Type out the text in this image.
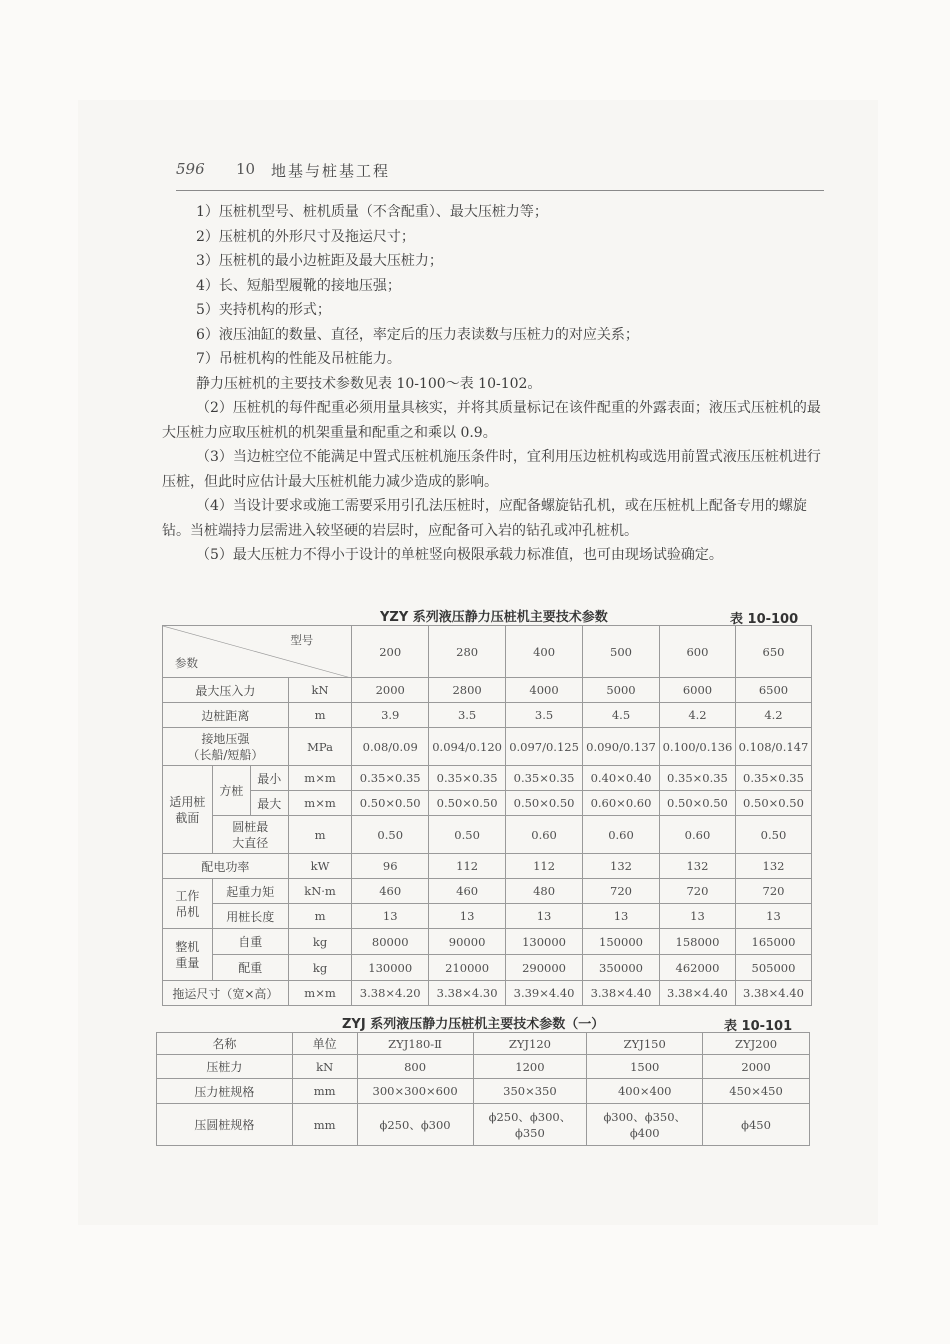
596 10 地基与桩基工程

1）压桩机型号、桩机质量（不含配重）、最大压桩力等；

2）压桩机的外形尺寸及拖运尺寸；

3）压桩机的最小边桩距及最大压桩力；

4）长、短船型履靴的接地压强；

5）夹持机构的形式；

6）液压油缸的数量、直径，率定后的压力表读数与压桩力的对应关系；

7）吊桩机构的性能及吊桩能力。

静力压桩机的主要技术参数见表 10-100～表 10-102。

（2）压桩机的每件配重必须用量具核实，并将其质量标记在该件配重的外露表面；液压式压桩机的最大压桩力应取压桩机的机架重量和配重之和乘以 0.9。

（3）当边桩空位不能满足中置式压桩机施压条件时，宜利用压边桩机构或选用前置式液压压桩机进行压桩，但此时应估计最大压桩机能力减少造成的影响。

（4）当设计要求或施工需要采用引孔法压桩时，应配备螺旋钻孔机，或在压桩机上配备专用的螺旋钻。当桩端持力层需进入较坚硬的岩层时，应配备可入岩的钻孔或冲孔桩机。

（5）最大压桩力不得小于设计的单桩竖向极限承载力标准值，也可由现场试验确定。

YZY 系列液压静力压桩机主要技术参数	表 10-100
型号
参数				200	280	400	500	600	650
最大压入力			kN	2000	2800	4000	5000	6000	6500
边桩距离			m	3.9	3.5	3.5	4.5	4.2	4.2

接地压强
（长船/短船）			MPa	0.08/0.09	0.094/0.120	0.097/0.125	0.090/0.137	0.100/0.136	0.108/0.147
适用桩截面	方桩	最小	m×m	0.35×0.35	0.35×0.35	0.35×0.35	0.40×0.40	0.35×0.35	0.35×0.35
		最大	m×m	0.50×0.50	0.50×0.50	0.50×0.50	0.60×0.60	0.50×0.50	0.50×0.50

	圆桩最
大直径		m	0.50	0.50	0.60	0.60	0.60	0.50
配电功率			kW	96	112	112	132	132	132

工作
吊机	起重力矩		kN·m	460	460	480	720	720	720
	用桩长度		m	13	13	13	13	13	13

整机
重量	自重		kg	80000	90000	130000	150000	158000	165000
	配重		kg	130000	210000	290000	350000	462000	505000
拖运尺寸（宽×高）			m×m	3.38×4.20	3.38×4.30	3.39×4.40	3.38×4.40	3.38×4.40	3.38×4.40
ZYJ 系列液压静力压桩机主要技术参数（一）	表 10-101
名称	单位	ZYJ180-Ⅱ	ZYJ120	ZYJ150	ZYJ200
压桩力	kN	800	1200	1500	2000
压力桩规格	mm	300×300×600	350×350	400×400	450×450
压圆桩规格	mm	ϕ250、ϕ300	ϕ250、ϕ300、ϕ350	ϕ300、ϕ350、ϕ400	ϕ450
